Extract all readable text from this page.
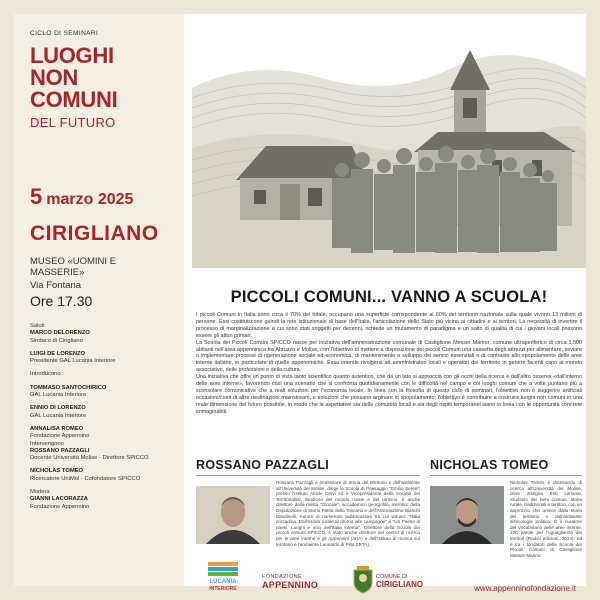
CICLO DI SEMINARI
LUOGHI
NON COMUNI
DEL FUTURO
5 marzo 2025
CIRIGLIANO
MUSEO «UOMINI E MASSERIE»
Via Fontana
Ore 17.30
Saluti
MARCO DELORENZO
Sindaco di Cirigliano
LUIGI DE LORENZO
Presidente GAL Lucania Interiore
Introducono
TOMMASO SANTOCHIRICO
GAL Lucania Interiore
ENNIO DI LORENZO
GAL Lucania Interiore
ANNALISA ROMEO
Fondazione Appennino
Intervengono
ROSSANO PAZZAGLI
Docente Università Molise - Direttore SPICCO
NICHOLAS TOMEO
Ricercatore UniMol - Cofondatore SPICCO
Modera
GIANNI LACORAZZA
Fondazione Appennino
PICCOLI COMUNI... VANNO A SCUOLA!

I piccoli Comuni in Italia sono circa il 70% del totale, occupano una superficie corrispondente al 60% del territorio nazionale sulla quale vivono 13 milioni di persone. Essi costituiscono quindi la rete istituzionale di base dell'Italia, l'articolazione dello Stato più vicina ai cittadini e ai territori. La necessità di invertire il processo di marginalizzazione a cui sono stati soggetti per decenni, richiede un mutamento di paradigma e un salto di qualità di cui i giovani locali possono essere gli attori primari.

La Scuola dei Piccoli Comuni SPICCO nasce per iniziativa dell'amministrazione comunale di Castiglione Messer Marino, comune ultraperiferico di circa 1.500 abitanti nell'area appenninica tra Abruzzo e Molise, con l'obiettivo di mettere a disposizione dei piccoli Comuni una cassetta degli attrezzi per alimentare, avviare o implementare processi di rigenerazione sociale ed economica, di mantenimento e sviluppo dei servizi essenziali e di contrasto allo spopolamento delle aree interne italiane, in particolare di quelle appenniniche. Essa intende rivolgersi ad amministratori locali e operatori del territorio in genere facenti capo al mondo associativo, delle professioni e della cultura.

Una iniziativa che offre un punto di vista tanto scientifico quanto autentico, che da un lato si approccia con gli occhi della ricerca e dall'altro osserva «dall'interno delle aree interne», favorendo così una scenario che si confronta quotidianamente con le difficoltà nel campo e coi luoghi comuni che a volte puntano più a sconsolare comunicative che a reali soluzioni per l'economia locale. In linea con la filosofia di questo ciclo di seminari, l'obiettivo non è suggerire artificiali occasioni/costi di altre destinazioni mainstream, e soluzioni che possano arginare lo spopolamento; l'obiettivo è contribuire a costruire luoghi non comuni in una reale dimensione del futuro possibile, in modo che le aspettative sia delle comunità locali e sia degli ospiti temporanei siano in linea con le opportunità concrete immaginabili.

ROSSANO PAZZAGLI
Rossano Pazzagli è professore di Storia del territorio e dell'ambiente all'Università del Molise, dirige la Scuola di Paesaggio "Emilio Sereni" presso l'Istituto Alcide Cervi ed è Vicepresidente della Società dei Territorialisti. Studioso del mondo rurale e del turismo, è anche direttore della rivista "Glocale", accademico georgofilo, membro della Deputazione di Storia Patria della Toscana e dell'Associazione Bianchi Bandinelli. Autore di numerose pubblicazioni tra cui volumi: "Italia contadina. Dall'esodo rurale al ritorno alle campagne" e "Un Paese di paesi. Luoghi e voci dell'Italia interna". Direttore della Scuola dei piccoli comuni SPICCO, è stato anche direttore del centro di ricerca per le aree interne e gli Appennini (ArIA) e dell'Istituto di ricerca sul territorio e l'ambiente Leonardo di Pisa (IRTA).
NICHOLAS TOMEO
Nicholas Tomeo è dottorando di ricerca all'Università del Molise, dove insegna Enti comune. Studioso dei beni comuni, storia rurale, tradizionali e territori, con un approccio che unisce dalla storia del territorio e dall'ambiente all'ecologia politica. È il curatore del Vocabolario delle aree interne. 100 parole per l'uguaglianza dei territori (Radici edizioni, 2024), ed è tra i fondatori della Scuola dei Piccoli Comuni di Castiglione Messer Marino.
LUCANIA
INTERIORE
FONDAZIONE
APPENNINO
COMUNE DI
CIRIGLIANO	www.appenninofondazione.it
